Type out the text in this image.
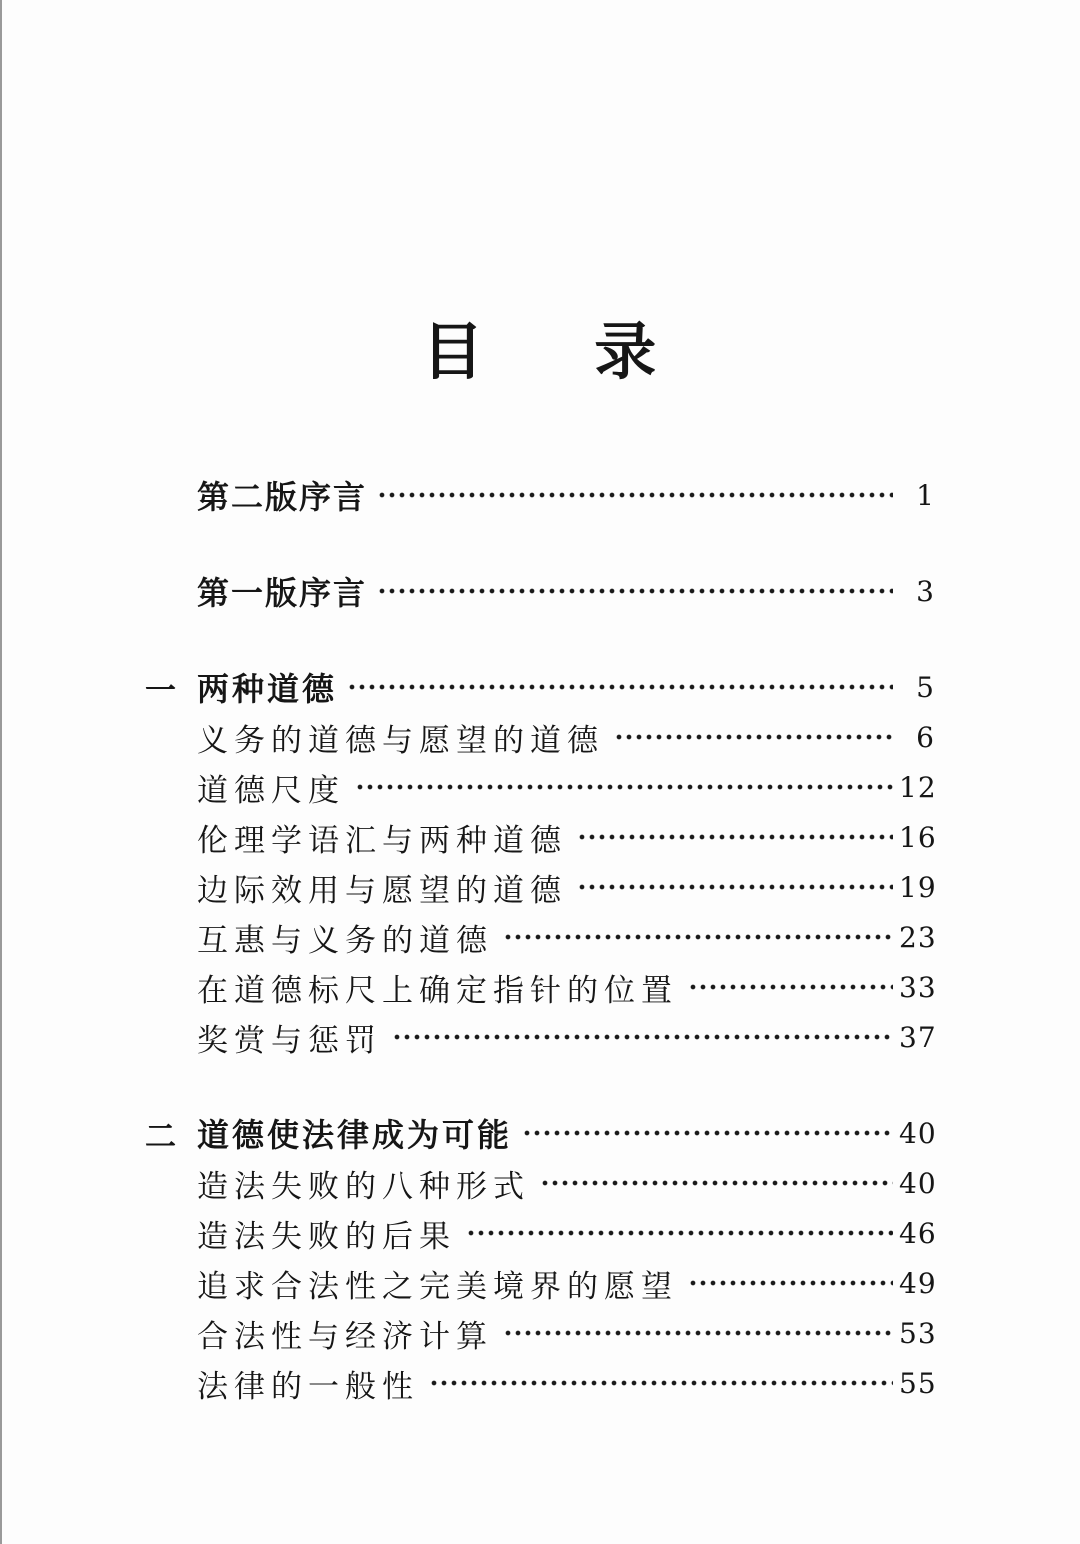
目 录
第二版序言	1
第一版序言	3
一 两种道德	5
义务的道德与愿望的道德	6
道德尺度	12
伦理学语汇与两种道德	16
边际效用与愿望的道德	19
互惠与义务的道德	23
在道德标尺上确定指针的位置	33
奖赏与惩罚	37
二 道德使法律成为可能	40
造法失败的八种形式	40
造法失败的后果	46
追求合法性之完美境界的愿望	49
合法性与经济计算	53
法律的一般性	55
